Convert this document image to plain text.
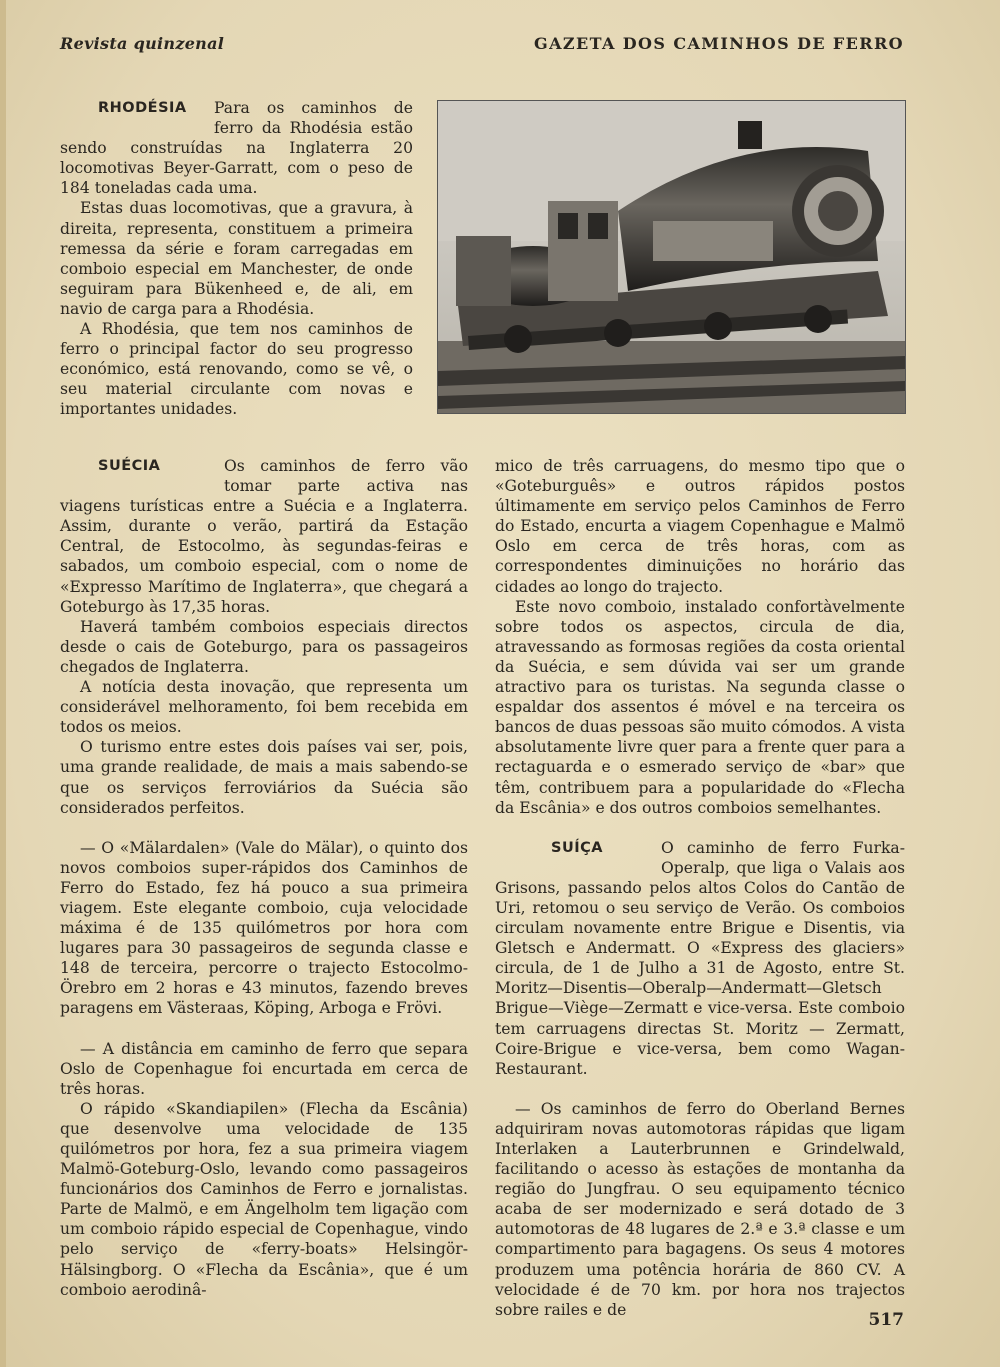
Revista quinzenal	GAZETA DOS CAMINHOS DE FERRO

RHODÉSIA	Para os caminhos de ferro da Rhodésia estão sendo construídas na Inglaterra 20 locomotivas Beyer-Garratt, com o peso de 184 toneladas cada uma.

Estas duas locomotivas, que a gravura, à direita, representa, constituem a primeira remessa da série e foram carregadas em comboio especial em Manchester, de onde seguiram para Bükenheed e, de ali, em navio de carga para a Rhodésia.

A Rhodésia, que tem nos caminhos de ferro o principal factor do seu progresso económico, está renovando, como se vê, o seu material circulante com novas e importantes unidades.

SUÉCIA	Os caminhos de ferro vão tomar parte activa nas viagens turísticas entre a Suécia e a Inglaterra. Assim, durante o verão, partirá da Estação Central, de Estocolmo, às segundas-feiras e sabados, um comboio especial, com o nome de «Expresso Marítimo de Inglaterra», que chegará a Goteburgo às 17,35 horas.

Haverá também comboios especiais directos desde o cais de Goteburgo, para os passageiros chegados de Inglaterra.

A notícia desta inovação, que representa um considerável melhoramento, foi bem recebida em todos os meios.

O turismo entre estes dois países vai ser, pois, uma grande realidade, de mais a mais sabendo-se que os serviços ferroviários da Suécia são considerados perfeitos.

— O «Mälardalen» (Vale do Mälar), o quinto dos novos comboios super-rápidos dos Caminhos de Ferro do Estado, fez há pouco a sua primeira viagem. Este elegante comboio, cuja velocidade máxima é de 135 quilómetros por hora com lugares para 30 passageiros de segunda classe e 148 de terceira, percorre o trajecto Estocolmo-Örebro em 2 horas e 43 minutos, fazendo breves paragens em Västeraas, Köping, Arboga e Frövi.

— A distância em caminho de ferro que separa Oslo de Copenhague foi encurtada em cerca de três horas.

O rápido «Skandiapilen» (Flecha da Escânia) que desenvolve uma velocidade de 135 quilómetros por hora, fez a sua primeira viagem Malmö-Goteburg-Oslo, levando como passageiros funcionários dos Caminhos de Ferro e jornalistas. Parte de Malmö, e em Ängelholm tem ligação com um comboio rápido especial de Copenhague, vindo pelo serviço de «ferry-boats» Helsingör-Hälsingborg. O «Flecha da Escânia», que é um comboio aerodinâ-

mico de três carruagens, do mesmo tipo que o «Goteburguês» e outros rápidos postos últimamente em serviço pelos Caminhos de Ferro do Estado, encurta a viagem Copenhague e Malmö Oslo em cerca de três horas, com as correspondentes diminuições no horário das cidades ao longo do trajecto.

Este novo comboio, instalado confortàvelmente sobre todos os aspectos, circula de dia, atravessando as formosas regiões da costa oriental da Suécia, e sem dúvida vai ser um grande atractivo para os turistas. Na segunda classe o espaldar dos assentos é móvel e na terceira os bancos de duas pessoas são muito cómodos. A vista absolutamente livre quer para a frente quer para a rectaguarda e o esmerado serviço de «bar» que têm, contribuem para a popularidade do «Flecha da Escânia» e dos outros comboios semelhantes.

SUÍÇA	O caminho de ferro Furka-Operalp, que liga o Valais aos Grisons, passando pelos altos Colos do Cantão de Uri, retomou o seu serviço de Verão. Os comboios circulam novamente entre Brigue e Disentis, via Gletsch e Andermatt. O «Express des glaciers» circula, de 1 de Julho a 31 de Agosto, entre St. Moritz—Disentis—Oberalp—Andermatt—Gletsch Brigue—Viège—Zermatt e vice-versa. Este comboio tem carruagens directas St. Moritz — Zermatt, Coire-Brigue e vice-versa, bem como Wagan-Restaurant.

— Os caminhos de ferro do Oberland Bernes adquiriram novas automotoras rápidas que ligam Interlaken a Lauterbrunnen e Grindelwald, facilitando o acesso às estações de montanha da região do Jungfrau. O seu equipamento técnico acaba de ser modernizado e será dotado de 3 automotoras de 48 lugares de 2.ª e 3.ª classe e um compartimento para bagagens. Os seus 4 motores produzem uma potência horária de 860 CV. A velocidade é de 70 km. por hora nos trajectos sobre railes e de

517
